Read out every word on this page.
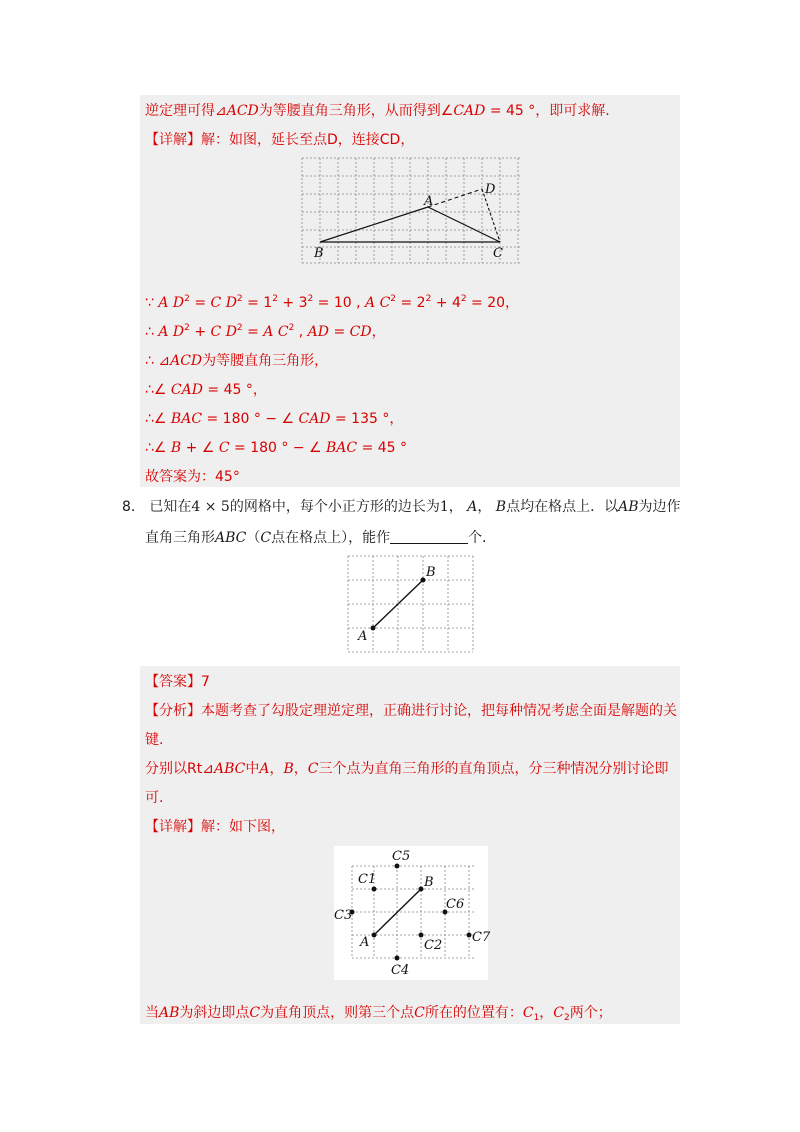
逆定理可得⊿ACD为等腰直角三角形，从而得到∠CAD = 45 °，即可求解.
【详解】解：如图，延长至点D，连接CD，
A
B	C
D
∵ A $D^2 = C$ $D^2 = 1^2 + 3^2 = 10$ , A $C^2 = 2^2 + 4^2 = 20$，
∴ A $D^2 + C$ $D^2 = A$ $C^2$ , AD = CD，
∴ ⊿ACD为等腰直角三角形，
∴∠ CAD = 45 °，
∴∠ BAC = 180 ° − ∠ CAD = 135 °，
∴∠ B + ∠ C = 180 ° − ∠ BAC = 45 °
故答案为：45°
8． 已知在4 × 5的网格中，每个小正方形的边长为1， A， B点均在格点上．以AB为边作
直角三角形ABC（C点在格点上），能作	个．
A
B
【答案】7
【分析】本题考查了勾股定理逆定理，正确进行讨论，把每种情况考虑全面是解题的关
键.
分别以Rt⊿ABC中A，B，C三个点为直角三角形的直角顶点，分三种情况分别讨论即
可.
【详解】解：如下图，
A
B
C1
C2
C3
C4
C5
C6
C7
当AB为斜边即点C为直角顶点，则第三个点C所在的位置有：$C_1$，$C_2$两个；
